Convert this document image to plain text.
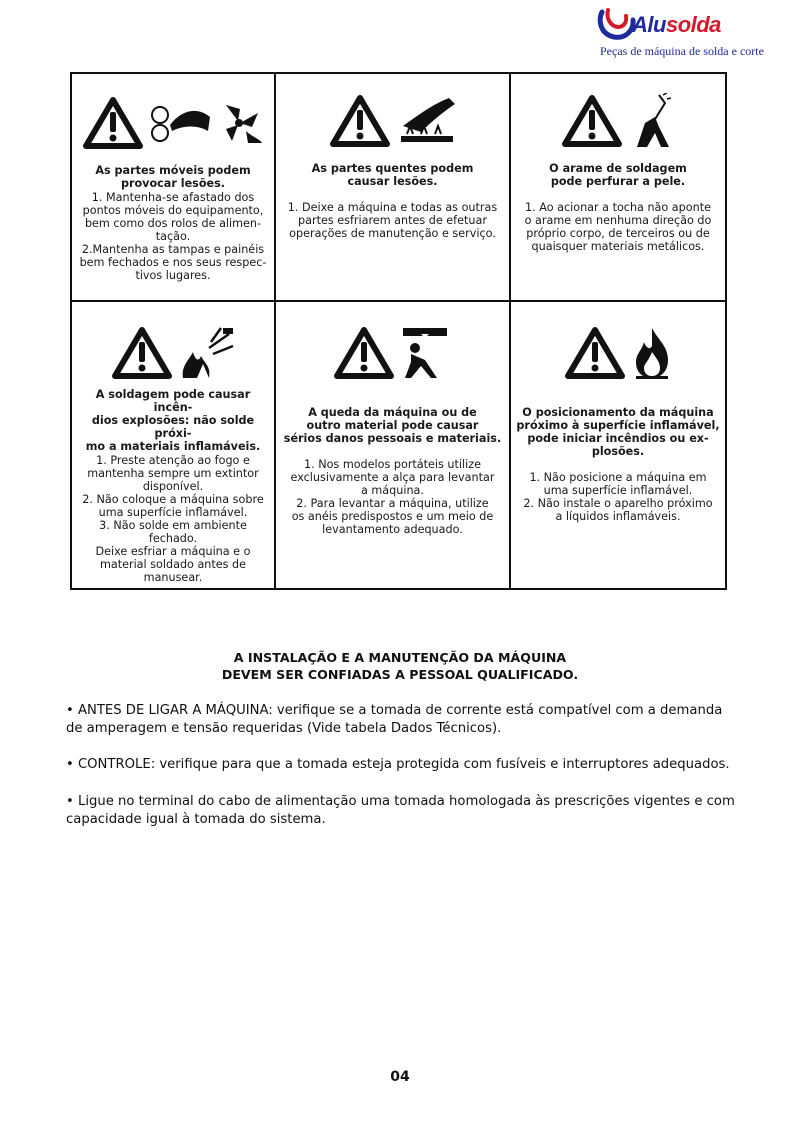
Alusolda
Peças de máquina de solda e corte
As partes móveis podem
provocar lesões.
1. Mantenha-se afastado dos
pontos móveis do equipamento,
bem como dos rolos de alimen-
tação.
2.Mantenha as tampas e painéis
bem fechados e nos seus respec-
tivos lugares.
As partes quentes podem
causar lesões.
1. Deixe a máquina e todas as outras
partes esfriarem antes de efetuar
operações de manutenção e serviço.
O arame de soldagem
pode perfurar a pele.
1. Ao acionar a tocha não aponte
o arame em nenhuma direção do
próprio corpo, de terceiros ou de
quaisquer materiais metálicos.
A soldagem pode causar incên-
dios explosões: não solde próxi-
mo a materiais inflamáveis.
1. Preste atenção ao fogo e
mantenha sempre um extintor
disponível.
2. Não coloque a máquina sobre
uma superfície inflamável.
3. Não solde em ambiente
fechado.
Deixe esfriar a máquina e o
material soldado antes de
manusear.
A queda da máquina ou de
outro material pode causar
sérios danos pessoais e materiais.
1. Nos modelos portáteis utilize
exclusivamente a alça para levantar
a máquina.
2. Para levantar a máquina, utilize
os anéis predispostos e um meio de
levantamento adequado.
O posicionamento da máquina
próximo à superfície inflamável,
pode iniciar incêndios ou ex-
plosões.
1. Não posicione a máquina em
uma superfície inflamável.
2. Não instale o aparelho próximo
a líquidos inflamáveis.
A INSTALAÇÃO E A MANUTENÇÃO DA MÁQUINA
DEVEM SER CONFIADAS A PESSOAL QUALIFICADO.
• ANTES DE LIGAR A MÁQUINA: verifique se a tomada de corrente está compatível com a demanda de amperagem e tensão requeridas (Vide tabela Dados Técnicos).
• CONTROLE: verifique para que a tomada esteja protegida com fusíveis e interruptores adequados.
• Ligue no terminal do cabo de alimentação uma tomada homologada às prescrições vigentes e com capacidade igual à tomada do sistema.
04
